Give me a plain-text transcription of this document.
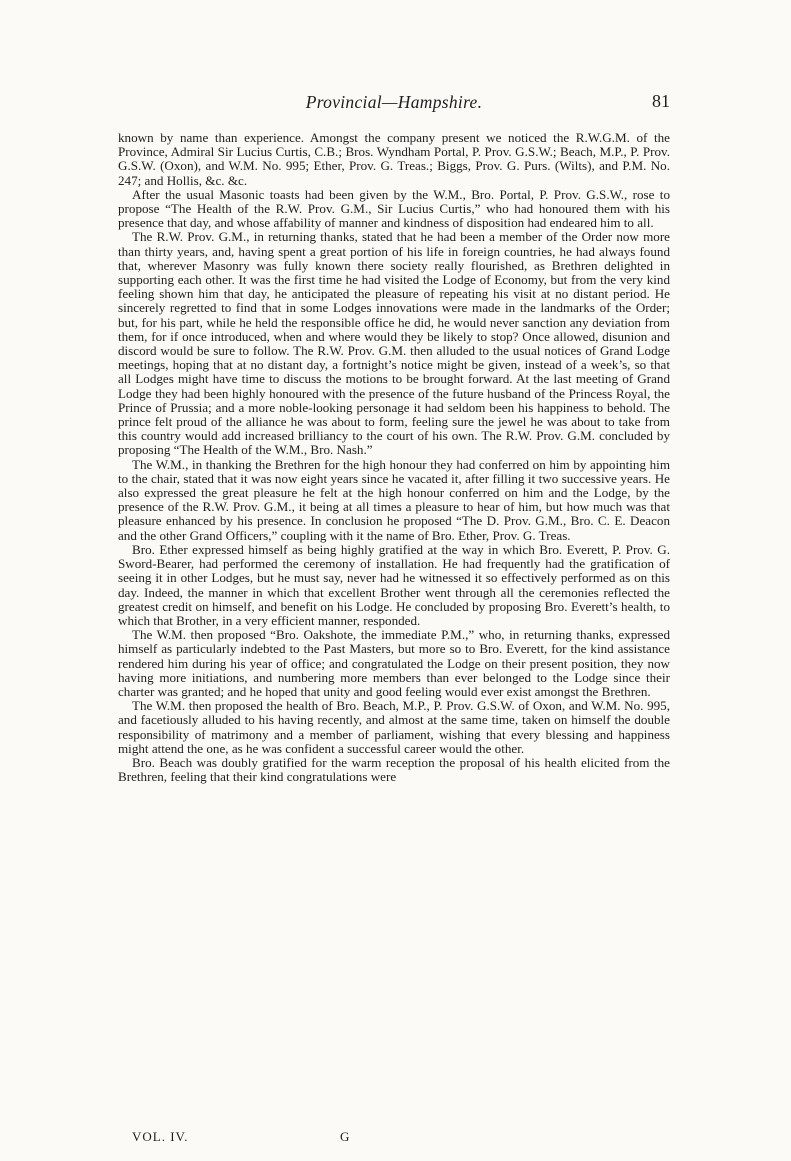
Provincial—Hampshire.	81

known by name than experience. Amongst the company present we noticed the R.W.G.M. of the Province, Admiral Sir Lucius Curtis, C.B.; Bros. Wyndham Portal, P. Prov. G.S.W.; Beach, M.P., P. Prov. G.S.W. (Oxon), and W.M. No. 995; Ether, Prov. G. Treas.; Biggs, Prov. G. Purs. (Wilts), and P.M. No. 247; and Hollis, &c. &c.

After the usual Masonic toasts had been given by the W.M., Bro. Portal, P. Prov. G.S.W., rose to propose “The Health of the R.W. Prov. G.M., Sir Lucius Curtis,” who had honoured them with his presence that day, and whose affability of manner and kindness of disposition had endeared him to all.

The R.W. Prov. G.M., in returning thanks, stated that he had been a member of the Order now more than thirty years, and, having spent a great portion of his life in foreign countries, he had always found that, wherever Masonry was fully known there society really flourished, as Brethren delighted in supporting each other. It was the first time he had visited the Lodge of Economy, but from the very kind feeling shown him that day, he anticipated the pleasure of repeating his visit at no distant period. He sincerely regretted to find that in some Lodges innovations were made in the landmarks of the Order; but, for his part, while he held the responsible office he did, he would never sanction any deviation from them, for if once introduced, when and where would they be likely to stop? Once allowed, disunion and discord would be sure to follow. The R.W. Prov. G.M. then alluded to the usual notices of Grand Lodge meetings, hoping that at no distant day, a fortnight’s notice might be given, instead of a week’s, so that all Lodges might have time to discuss the motions to be brought forward. At the last meeting of Grand Lodge they had been highly honoured with the presence of the future husband of the Princess Royal, the Prince of Prussia; and a more noble-looking personage it had seldom been his happiness to behold. The prince felt proud of the alliance he was about to form, feeling sure the jewel he was about to take from this country would add increased brilliancy to the court of his own. The R.W. Prov. G.M. concluded by proposing “The Health of the W.M., Bro. Nash.”

The W.M., in thanking the Brethren for the high honour they had conferred on him by appointing him to the chair, stated that it was now eight years since he vacated it, after filling it two successive years. He also expressed the great pleasure he felt at the high honour conferred on him and the Lodge, by the presence of the R.W. Prov. G.M., it being at all times a pleasure to hear of him, but how much was that pleasure enhanced by his presence. In conclusion he proposed “The D. Prov. G.M., Bro. C. E. Deacon and the other Grand Officers,” coupling with it the name of Bro. Ether, Prov. G. Treas.

Bro. Ether expressed himself as being highly gratified at the way in which Bro. Everett, P. Prov. G. Sword-Bearer, had performed the ceremony of installation. He had frequently had the gratification of seeing it in other Lodges, but he must say, never had he witnessed it so effectively performed as on this day. Indeed, the manner in which that excellent Brother went through all the ceremonies reflected the greatest credit on himself, and benefit on his Lodge. He concluded by proposing Bro. Everett’s health, to which that Brother, in a very efficient manner, responded.

The W.M. then proposed “Bro. Oakshote, the immediate P.M.,” who, in returning thanks, expressed himself as particularly indebted to the Past Masters, but more so to Bro. Everett, for the kind assistance rendered him during his year of office; and congratulated the Lodge on their present position, they now having more initiations, and numbering more members than ever belonged to the Lodge since their charter was granted; and he hoped that unity and good feeling would ever exist amongst the Brethren.

The W.M. then proposed the health of Bro. Beach, M.P., P. Prov. G.S.W. of Oxon, and W.M. No. 995, and facetiously alluded to his having recently, and almost at the same time, taken on himself the double responsibility of matrimony and a member of parliament, wishing that every blessing and happiness might attend the one, as he was confident a successful career would the other.

Bro. Beach was doubly gratified for the warm reception the proposal of his health elicited from the Brethren, feeling that their kind congratulations were

VOL. IV.	G
